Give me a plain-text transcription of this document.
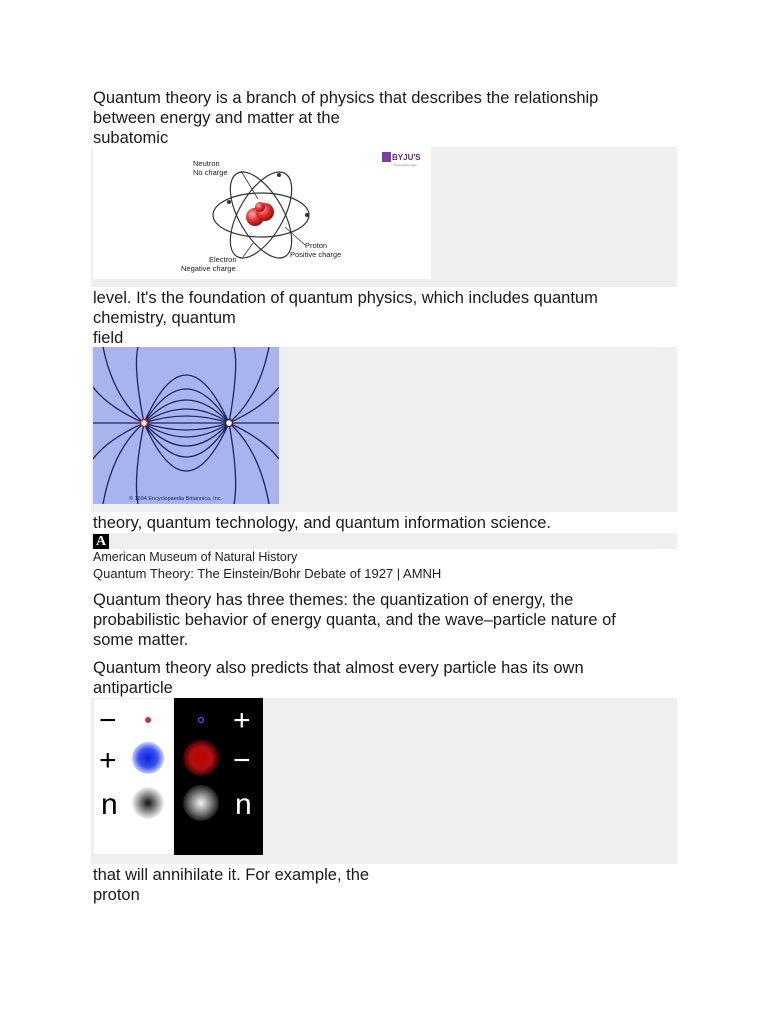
Quantum theory is a branch of physics that describes the relationship
between energy and matter at the
subatomic
Neutron
No charge
Proton
Positive charge
Electron
Negative charge
BYJU'S
The Learning App
level. It's the foundation of quantum physics, which includes quantum
chemistry, quantum
field
© 1994 Encyclopaedia Britannica, Inc.
theory, quantum technology, and quantum information science.
A
American Museum of Natural History
Quantum Theory: The Einstein/Bohr Debate of 1927 | AMNH
Quantum theory has three themes: the quantization of energy, the
probabilistic behavior of energy quanta, and the wave–particle nature of
some matter.
Quantum theory also predicts that almost every particle has its own
antiparticle
−
+
n
+
−
n
that will annihilate it. For example, the
proton
